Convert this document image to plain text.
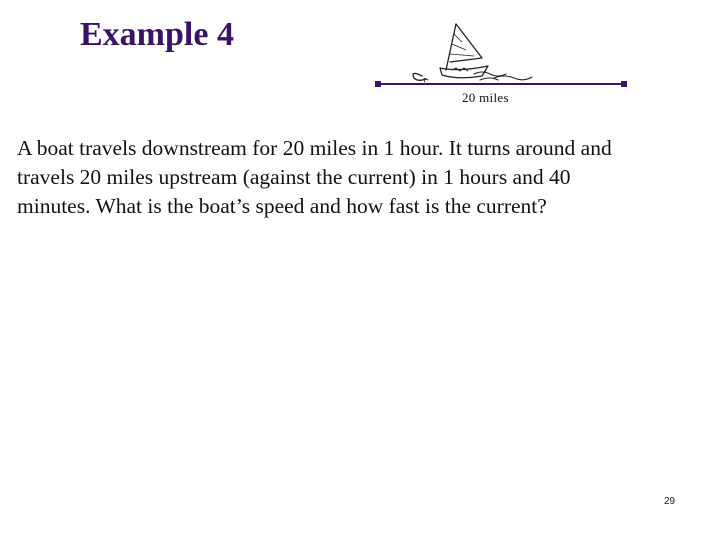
Example 4
20 miles

A boat travels downstream for 20 miles in 1 hour. It turns around and
travels 20 miles upstream (against the current) in 1 hours and 40
minutes. What is the boat’s speed and how fast is the current?

29
